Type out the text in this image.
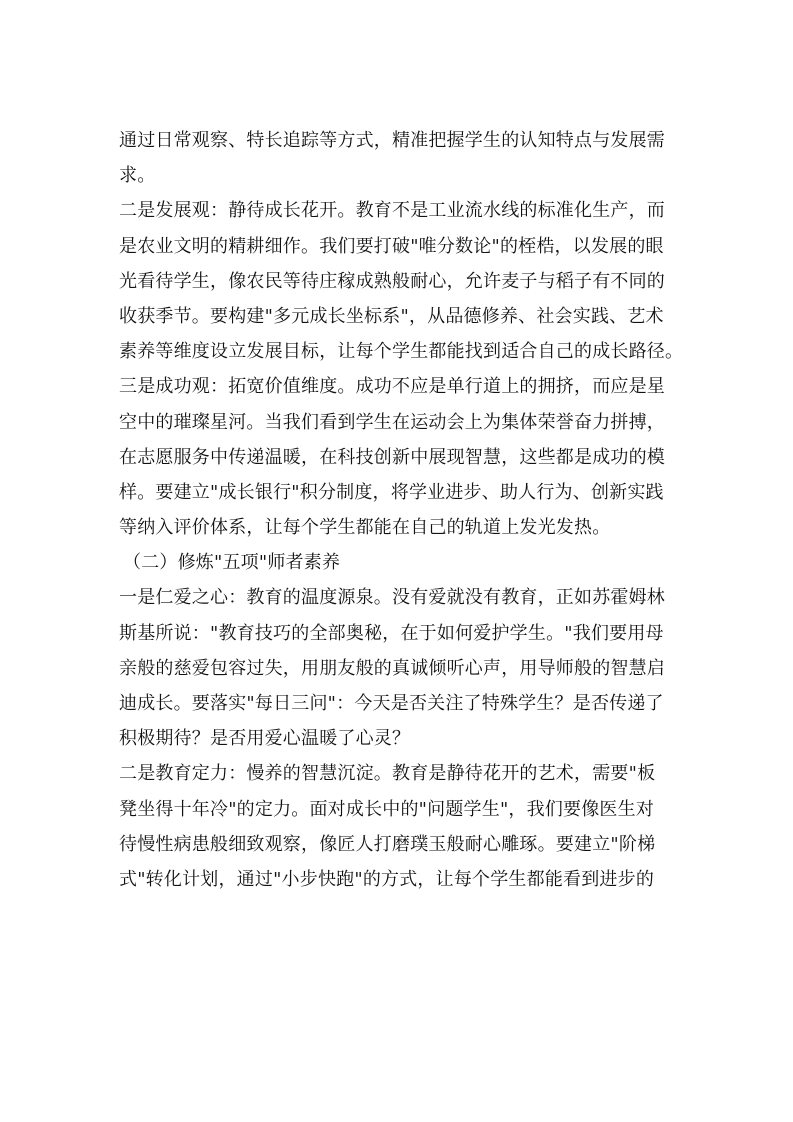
通过日常观察、特长追踪等方式，精准把握学生的认知特点与发展需
求。
二是发展观：静待成长花开。教育不是工业流水线的标准化生产，而
是农业文明的精耕细作。我们要打破"唯分数论"的桎梏，以发展的眼
光看待学生，像农民等待庄稼成熟般耐心，允许麦子与稻子有不同的
收获季节。要构建"多元成长坐标系"，从品德修养、社会实践、艺术
素养等维度设立发展目标，让每个学生都能找到适合自己的成长路径。
三是成功观：拓宽价值维度。成功不应是单行道上的拥挤，而应是星
空中的璀璨星河。当我们看到学生在运动会上为集体荣誉奋力拼搏，
在志愿服务中传递温暖，在科技创新中展现智慧，这些都是成功的模
样。要建立"成长银行"积分制度，将学业进步、助人行为、创新实践
等纳入评价体系，让每个学生都能在自己的轨道上发光发热。
（二）修炼"五项"师者素养
一是仁爱之心：教育的温度源泉。没有爱就没有教育，正如苏霍姆林
斯基所说："教育技巧的全部奥秘，在于如何爱护学生。"我们要用母
亲般的慈爱包容过失，用朋友般的真诚倾听心声，用导师般的智慧启
迪成长。要落实"每日三问"：今天是否关注了特殊学生？是否传递了
积极期待？是否用爱心温暖了心灵？
二是教育定力：慢养的智慧沉淀。教育是静待花开的艺术，需要"板
凳坐得十年冷"的定力。面对成长中的"问题学生"，我们要像医生对
待慢性病患般细致观察，像匠人打磨璞玉般耐心雕琢。要建立"阶梯
式"转化计划，通过"小步快跑"的方式，让每个学生都能看到进步的
